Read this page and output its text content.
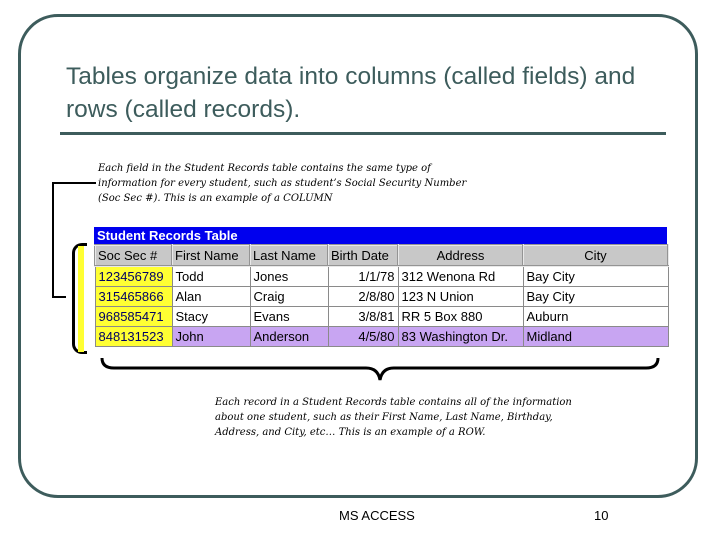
Tables organize data into columns (called fields) and rows (called records).
Each field in the Student Records table contains the same type of
information for every student, such as student’s Social Security Number
(Soc Sec #). This is an example of a COLUMN
Student Records Table
Soc Sec #	First Name	Last Name	Birth Date	Address	City
123456789	Todd	Jones	1/1/78	312 Wenona Rd	Bay City
315465866	Alan	Craig	2/8/80	123 N Union	Bay City
968585471	Stacy	Evans	3/8/81	RR 5 Box 880	Auburn
848131523	John	Anderson	4/5/80	83 Washington Dr.	Midland
Each record in a Student Records table contains all of the information
about one student, such as their First Name, Last Name, Birthday,
Address, and City, etc… This is an example of a ROW.
MS ACCESS	10
